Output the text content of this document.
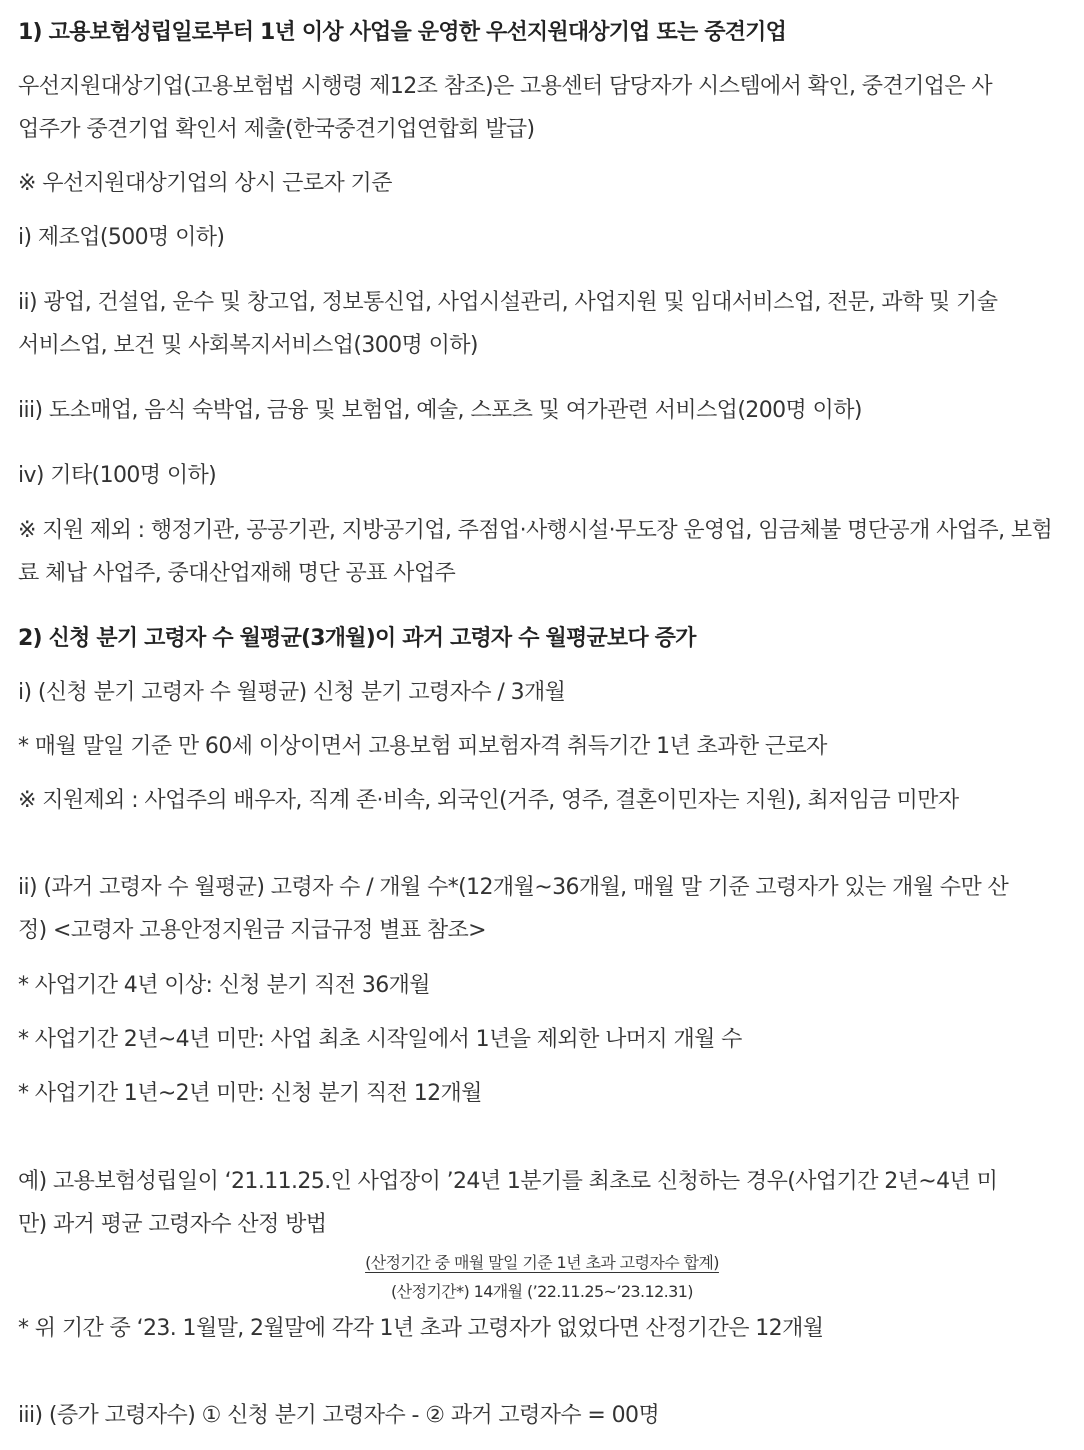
1) 고용보험성립일로부터 1년 이상 사업을 운영한 우선지원대상기업 또는 중견기업
우선지원대상기업(고용보험법 시행령 제12조 참조)은 고용센터 담당자가 시스템에서 확인, 중견기업은 사
업주가 중견기업 확인서 제출(한국중견기업연합회 발급)
※ 우선지원대상기업의 상시 근로자 기준
i) 제조업(500명 이하)
ii) 광업, 건설업, 운수 및 창고업, 정보통신업, 사업시설관리, 사업지원 및 임대서비스업, 전문, 과학 및 기술
서비스업, 보건 및 사회복지서비스업(300명 이하)
iii) 도소매업, 음식 숙박업, 금융 및 보험업, 예술, 스포츠 및 여가관련 서비스업(200명 이하)
iv) 기타(100명 이하)
※ 지원 제외 : 행정기관, 공공기관, 지방공기업, 주점업·사행시설·무도장 운영업, 임금체불 명단공개 사업주, 보험
료 체납 사업주, 중대산업재해 명단 공표 사업주
2) 신청 분기 고령자 수 월평균(3개월)이 과거 고령자 수 월평균보다 증가
i) (신청 분기 고령자 수 월평균) 신청 분기 고령자수 / 3개월
* 매월 말일 기준 만 60세 이상이면서 고용보험 피보험자격 취득기간 1년 초과한 근로자
※ 지원제외 : 사업주의 배우자, 직계 존·비속, 외국인(거주, 영주, 결혼이민자는 지원), 최저임금 미만자
ii) (과거 고령자 수 월평균) 고령자 수 / 개월 수*(12개월~36개월, 매월 말 기준 고령자가 있는 개월 수만 산
정) <고령자 고용안정지원금 지급규정 별표 참조>
* 사업기간 4년 이상: 신청 분기 직전 36개월
* 사업기간 2년~4년 미만: 사업 최초 시작일에서 1년을 제외한 나머지 개월 수
* 사업기간 1년~2년 미만: 신청 분기 직전 12개월
예) 고용보험성립일이 ‘21.11.25.인 사업장이 ’24년 1분기를 최초로 신청하는 경우(사업기간 2년~4년 미
만) 과거 평균 고령자수 산정 방법
(산정기간 중 매월 말일 기준 1년 초과 고령자수 합계)
(산정기간*) 14개월 (’22.11.25~’23.12.31)
* 위 기간 중 ‘23. 1월말, 2월말에 각각 1년 초과 고령자가 없었다면 산정기간은 12개월
iii) (증가 고령자수) ① 신청 분기 고령자수 - ② 과거 고령자수 = 00명
